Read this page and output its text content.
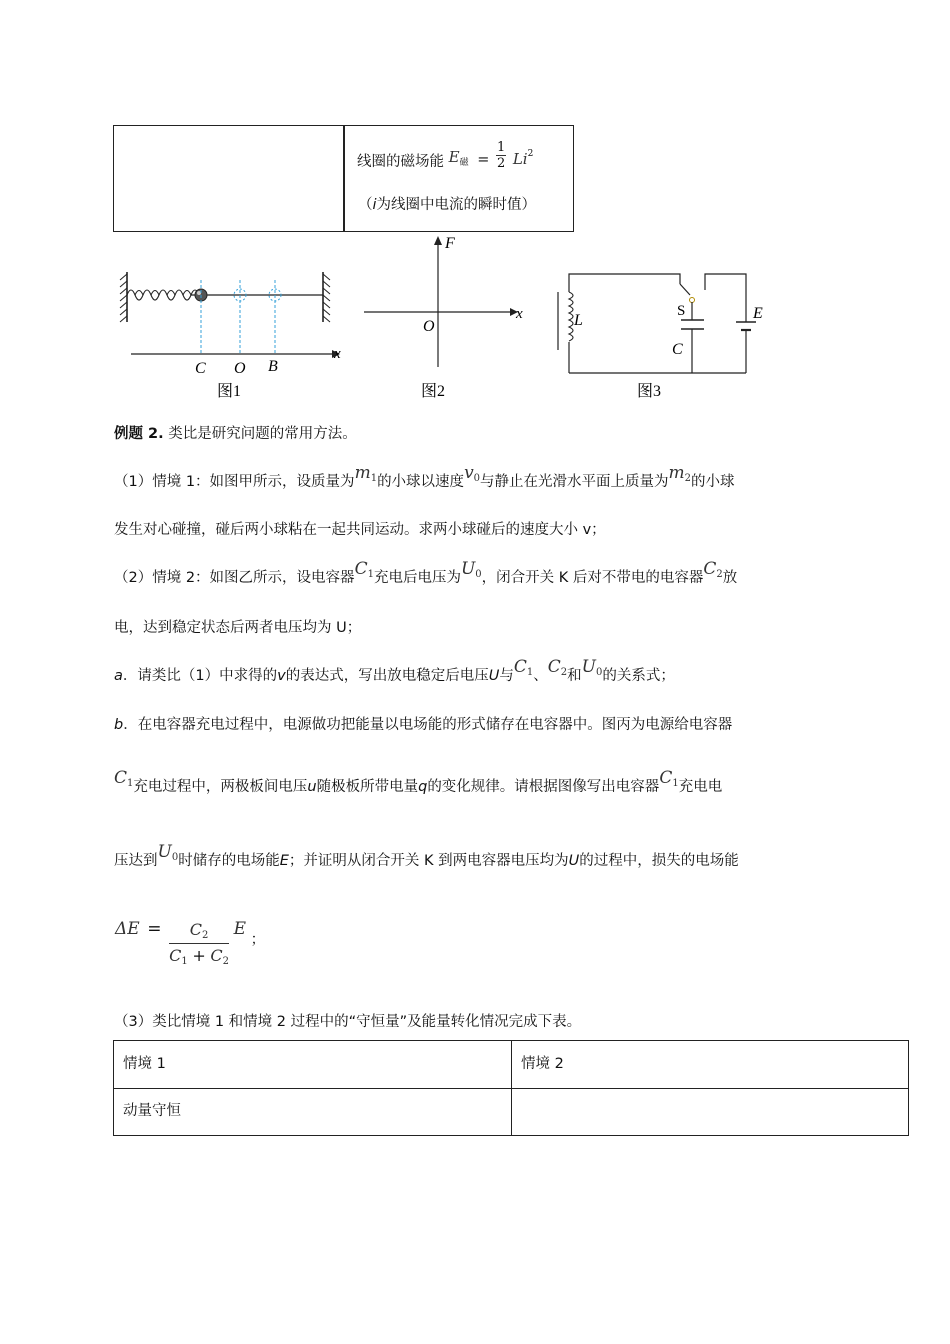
线圈的磁场能 $E_磁 = \frac{1}{2} Li^2$
（i为线圈中电流的瞬时值）
C O B
x
图1
F
O
x
图2
L
S
C
E
图3
例题 2. 类比是研究问题的常用方法。
（1）情境 1：如图甲所示，设质量为$m_1$的小球以速度$v_0$与静止在光滑水平面上质量为$m_2$的小球
发生对心碰撞，碰后两小球粘在一起共同运动。求两小球碰后的速度大小 v；
（2）情境 2：如图乙所示，设电容器$C_1$充电后电压为$U_0$，闭合开关 K 后对不带电的电容器$C_2$放
电，达到稳定状态后两者电压均为 U；
a．请类比（1）中求得的v的表达式，写出放电稳定后电压U与$C_1$、$C_2$和$U_0$的关系式；
b．在电容器充电过程中，电源做功把能量以电场能的形式储存在电容器中。图丙为电源给电容器
$C_1$充电过程中，两极板间电压u随极板所带电量q的变化规律。请根据图像写出电容器$C_1$充电电
压达到$U_0$时储存的电场能E；并证明从闭合开关 K 到两电容器电压均为U的过程中，损失的电场能
$\Delta E = \frac{C_2}{C_1 + C_2}$ E ；
（3）类比情境 1 和情境 2 过程中的“守恒量”及能量转化情况完成下表。
情境 1	情境 2
动量守恒
